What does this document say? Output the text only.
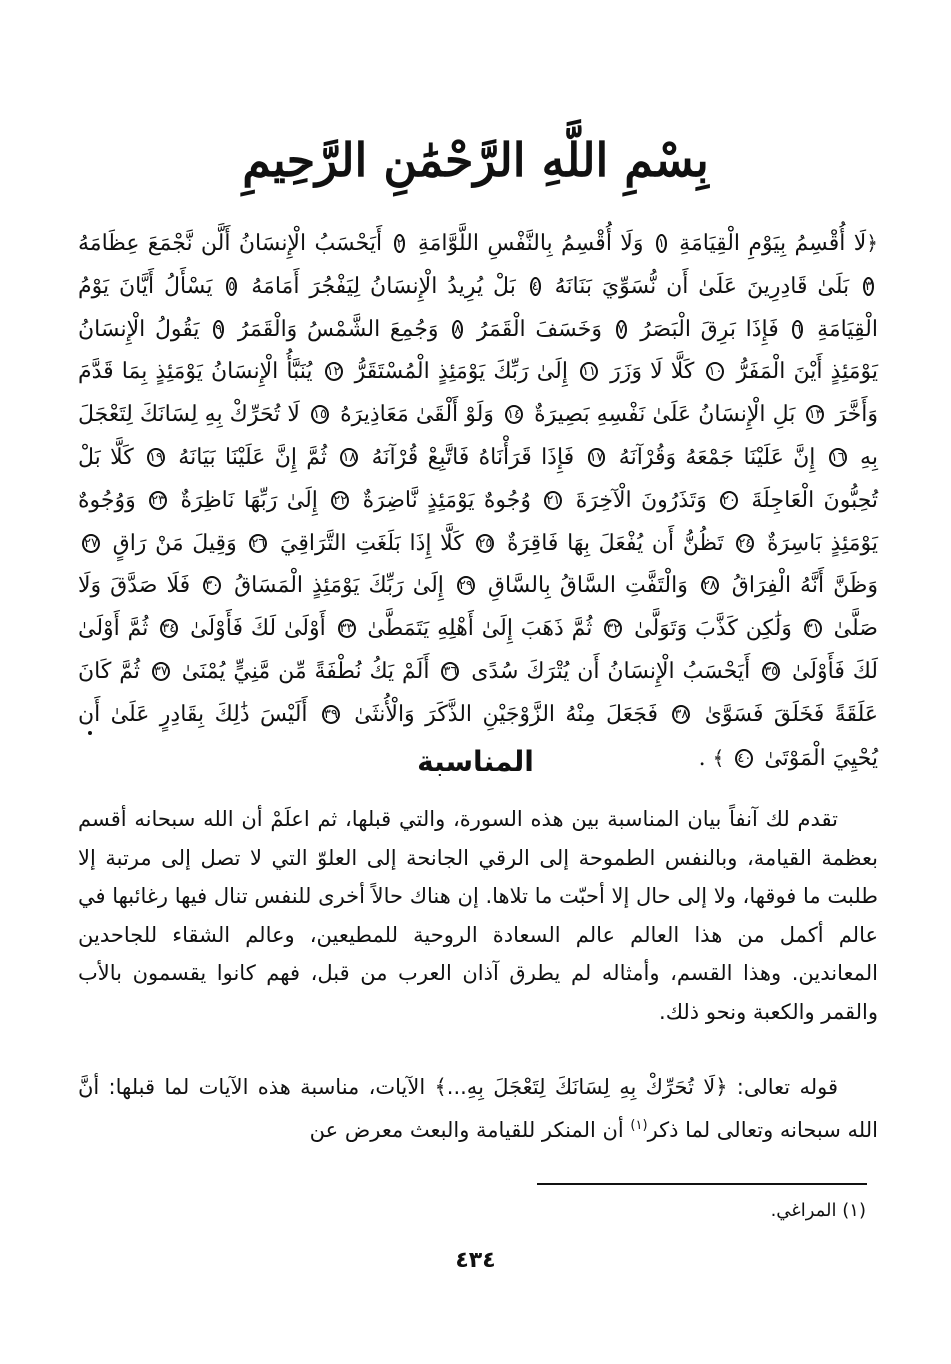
بِسْمِ اللَّهِ الرَّحْمَٰنِ الرَّحِيمِ
﴿لَا أُقْسِمُ بِيَوْمِ الْقِيَامَةِ ١ وَلَا أُقْسِمُ بِالنَّفْسِ اللَّوَّامَةِ ٢ أَيَحْسَبُ الْإِنسَانُ أَلَّن نَّجْمَعَ عِظَامَهُ ٣ بَلَىٰ قَادِرِينَ عَلَىٰ أَن نُّسَوِّيَ بَنَانَهُ ٤ بَلْ يُرِيدُ الْإِنسَانُ لِيَفْجُرَ أَمَامَهُ ٥ يَسْأَلُ أَيَّانَ يَوْمُ الْقِيَامَةِ ٦ فَإِذَا بَرِقَ الْبَصَرُ ٧ وَخَسَفَ الْقَمَرُ ٨ وَجُمِعَ الشَّمْسُ وَالْقَمَرُ ٩ يَقُولُ الْإِنسَانُ يَوْمَئِذٍ أَيْنَ الْمَفَرُّ ١٠ كَلَّا لَا وَزَرَ ١١ إِلَىٰ رَبِّكَ يَوْمَئِذٍ الْمُسْتَقَرُّ ١٢ يُنَبَّأُ الْإِنسَانُ يَوْمَئِذٍ بِمَا قَدَّمَ وَأَخَّرَ ١٣ بَلِ الْإِنسَانُ عَلَىٰ نَفْسِهِ بَصِيرَةٌ ١٤ وَلَوْ أَلْقَىٰ مَعَاذِيرَهُ ١٥ لَا تُحَرِّكْ بِهِ لِسَانَكَ لِتَعْجَلَ بِهِ ١٦ إِنَّ عَلَيْنَا جَمْعَهُ وَقُرْآنَهُ ١٧ فَإِذَا قَرَأْنَاهُ فَاتَّبِعْ قُرْآنَهُ ١٨ ثُمَّ إِنَّ عَلَيْنَا بَيَانَهُ ١٩ كَلَّا بَلْ تُحِبُّونَ الْعَاجِلَةَ ٢٠ وَتَذَرُونَ الْآخِرَةَ ٢١ وُجُوهٌ يَوْمَئِذٍ نَّاضِرَةٌ ٢٢ إِلَىٰ رَبِّهَا نَاظِرَةٌ ٢٣ وَوُجُوهٌ يَوْمَئِذٍ بَاسِرَةٌ ٢٤ تَظُنُّ أَن يُفْعَلَ بِهَا فَاقِرَةٌ ٢٥ كَلَّا إِذَا بَلَغَتِ التَّرَاقِيَ ٢٦ وَقِيلَ مَنْ رَاقٍ ٢٧ وَظَنَّ أَنَّهُ الْفِرَاقُ ٢٨ وَالْتَفَّتِ السَّاقُ بِالسَّاقِ ٢٩ إِلَىٰ رَبِّكَ يَوْمَئِذٍ الْمَسَاقُ ٣٠ فَلَا صَدَّقَ وَلَا صَلَّىٰ ٣١ وَلَٰكِن كَذَّبَ وَتَوَلَّىٰ ٣٢ ثُمَّ ذَهَبَ إِلَىٰ أَهْلِهِ يَتَمَطَّىٰ ٣٣ أَوْلَىٰ لَكَ فَأَوْلَىٰ ٣٤ ثُمَّ أَوْلَىٰ لَكَ فَأَوْلَىٰ ٣٥ أَيَحْسَبُ الْإِنسَانُ أَن يُتْرَكَ سُدًى ٣٦ أَلَمْ يَكُ نُطْفَةً مِّن مَّنِيٍّ يُمْنَىٰ ٣٧ ثُمَّ كَانَ عَلَقَةً فَخَلَقَ فَسَوَّىٰ ٣٨ فَجَعَلَ مِنْهُ الزَّوْجَيْنِ الذَّكَرَ وَالْأُنثَىٰ ٣٩ أَلَيْسَ ذَٰلِكَ بِقَادِرٍ عَلَىٰ أَن يُحْيِيَ الْمَوْتَىٰ ٤٠ ﴾ .
المناسبة
تقدم لك آنفاً بيان المناسبة بين هذه السورة، والتي قبلها، ثم اعلَمْ أن الله سبحانه أقسم بعظمة القيامة، وبالنفس الطموحة إلى الرقي الجانحة إلى العلوّ التي لا تصل إلى مرتبة إلا طلبت ما فوقها، ولا إلى حال إلا أحبّت ما تلاها. إن هناك حالاً أخرى للنفس تنال فيها رغائبها في عالم أكمل من هذا العالم عالم السعادة الروحية للمطيعين، وعالم الشقاء للجاحدين المعاندين. وهذا القسم، وأمثاله لم يطرق آذان العرب من قبل، فهم كانوا يقسمون بالأب والقمر والكعبة ونحو ذلك.
قوله تعالى: ﴿لَا تُحَرِّكْ بِهِ لِسَانَكَ لِتَعْجَلَ بِهِ...﴾ الآيات، مناسبة هذه الآيات لما قبلها: أنَّ الله سبحانه وتعالى لما ذكر$^{(١)}$ أن المنكر للقيامة والبعث معرض عن
(١) المراغي.
٤٣٤
